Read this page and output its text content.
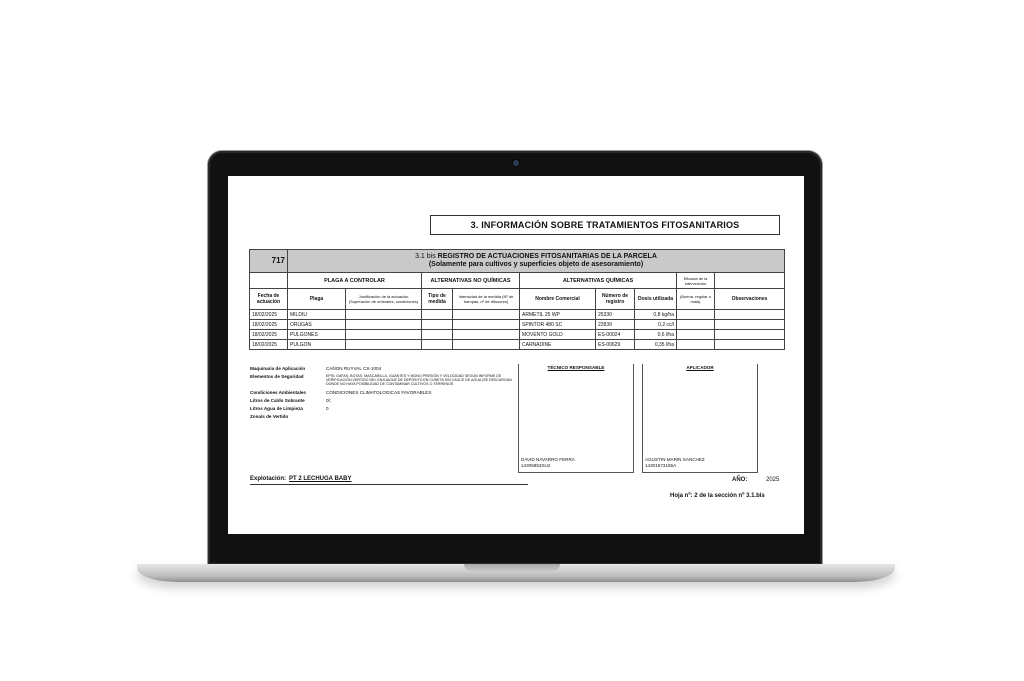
3. INFORMACIÓN SOBRE TRATAMIENTOS FITOSANITARIOS
717	3.1 bis REGISTRO DE ACTUACIONES FITOSANITARIAS DE LA PARCELA
(Solamente para cultivos y superficies objeto de asesoramiento)								

	PLAGA A CONTROLAR		ALTERNATIVAS NO QUÍMICAS		ALTERNATIVAS QUÍMICAS			Eficacia de la intervención	
Fecha de actuación	Plaga	Justificación de la actuación (Superación de umbrales, condiciones)	Tipo de medida	Intensidad de la medida (Nº de trampas, nº de difusores)	Nombre Comercial	Número de registro	Dosis utilizada	(Buena, regular o mala)	Observaciones
18/02/2025	MILDIU				ARMETIL 25 WP	25330	0,8 kg/ha		
18/02/2025	ORUGAS				SPINTOR 480 SC	22839	0,2 cc/l		
18/02/2025	PULGONES				MOVENTO GOLD	ES-00024	0,6 l/ha		
18/02/2025	PULGON				CARNADINE	ES-00629	0,35 l/ha		
Maquinaria de Aplicación	CAÑON RUYVAL CS-1004
Elementos de Seguridad	EPIS: GAFAS, BOTAS, MASCARILLA, GUANTES Y MONO PRESIÓN Y VELOCIDAD SEGÚN INFORME DE VERIFICACIÓN VERTIDO DEL ENJUAGUE DE DEPÓSITO EN CUNETA SIN CAUCE DE AGUA (SE DESCARGAN DONDE NO HAYA POSIBILIDAD DE CONTAMINAR CULTIVOS O TERRENOS
Condiciones Ambientales	CONDICIONES CLIMATOLOGICAS FAVORABLES
Litros de Caldo Sobrante	0l;
Litros Agua de Limpieza	0
Zona/s de Vertido
TÉCNICO RESPONSABLE
DAVID NAVARRO FERRA
14305853SU2
APLICADOR
AGUSTIN MARIN SANCHEZ
14301673155A
Explotación: PT 2 LECHUGA BABY	AÑO:	2025
Hoja nº: 2 de la sección nº 3.1.bis
